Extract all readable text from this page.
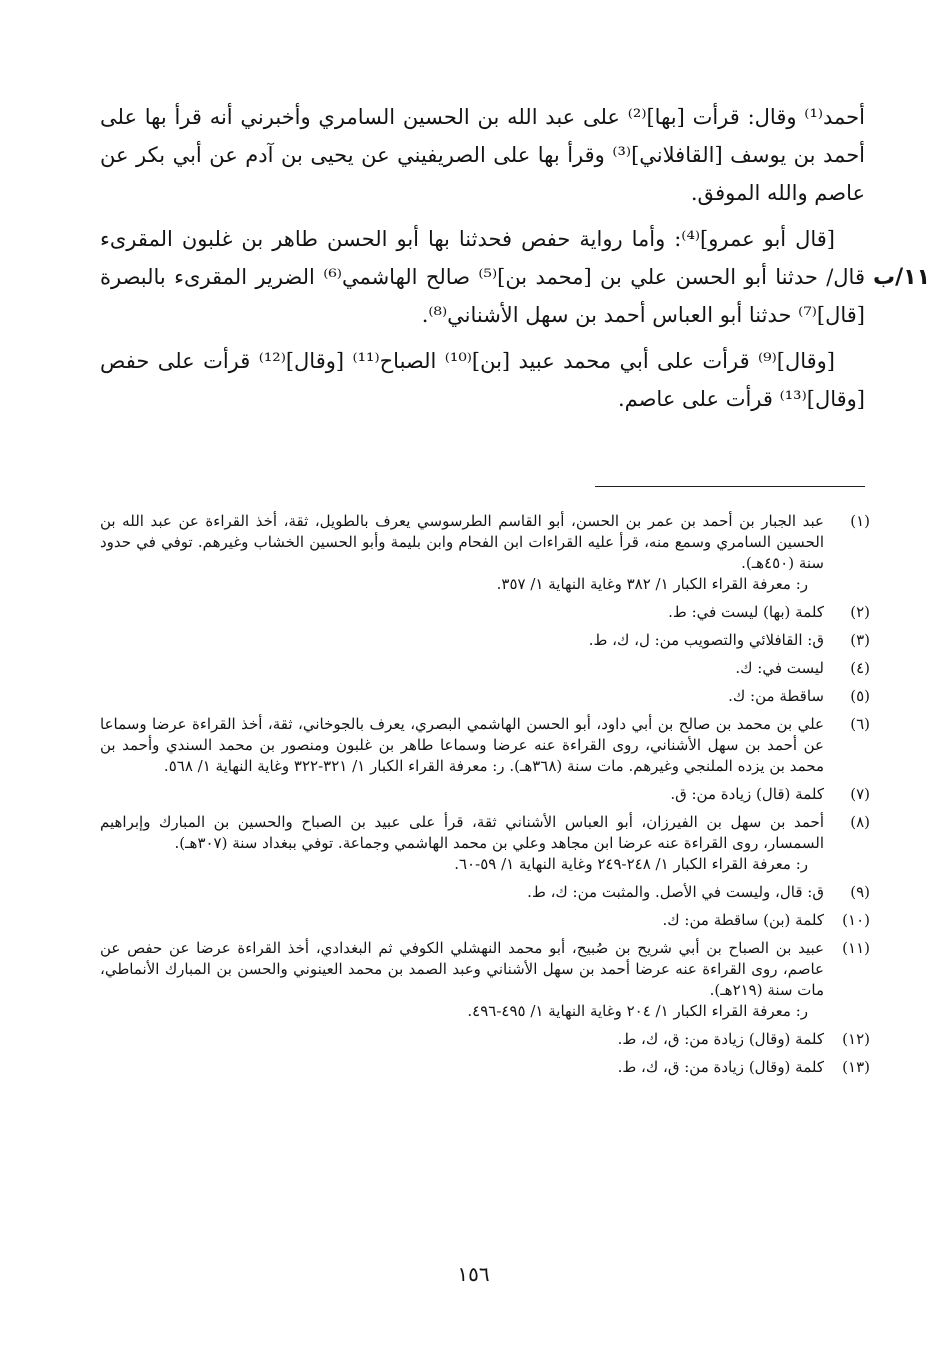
١١/ب

أحمد⁽¹⁾ وقال: قرأت [بها]⁽²⁾ على عبد الله بن الحسين السامري وأخبرني أنه قرأ بها على أحمد بن يوسف [القافلاني]⁽³⁾ وقرأ بها على الصريفيني عن يحيى بن آدم عن أبي بكر عن عاصم والله الموفق.

[قال أبو عمرو]⁽⁴⁾: وأما رواية حفص فحدثنا بها أبو الحسن طاهر بن غلبون المقرىء قال/ حدثنا أبو الحسن علي بن [محمد بن]⁽⁵⁾ صالح الهاشمي⁽⁶⁾ الضرير المقرىء بالبصرة [قال]⁽⁷⁾ حدثنا أبو العباس أحمد بن سهل الأشناني⁽⁸⁾.

[وقال]⁽⁹⁾ قرأت على أبي محمد عبيد [بن]⁽¹⁰⁾ الصباح⁽¹¹⁾ [وقال]⁽¹²⁾ قرأت على حفص [وقال]⁽¹³⁾ قرأت على عاصم.

(١)
عبد الجبار بن أحمد بن عمر بن الحسن، أبو القاسم الطرسوسي يعرف بالطويل، ثقة، أخذ القراءة عن عبد الله بن الحسين السامري وسمع منه، قرأ عليه القراءات ابن الفحام وابن بليمة وأبو الحسين الخشاب وغيرهم. توفي في حدود سنة (٤٥٠هـ).
ر: معرفة القراء الكبار ١/ ٣٨٢ وغاية النهاية ١/ ٣٥٧.
(٢)
كلمة (بها) ليست في: ط.
(٣)
ق: القافلائي والتصويب من: ل، ك، ط.
(٤)
ليست في: ك.
(٥)
ساقطة من: ك.
(٦)
علي بن محمد بن صالح بن أبي داود، أبو الحسن الهاشمي البصري، يعرف بالجوخاني، ثقة، أخذ القراءة عرضا وسماعا عن أحمد بن سهل الأشناني، روى القراءة عنه عرضا وسماعا طاهر بن غلبون ومنصور بن محمد السندي وأحمد بن محمد بن يزده الملنجي وغيرهم. مات سنة (٣٦٨هـ). ر: معرفة القراء الكبار ١/ ٣٢١-٣٢٢ وغاية النهاية ١/ ٥٦٨.
(٧)
كلمة (قال) زيادة من: ق.
(٨)
أحمد بن سهل بن الفيرزان، أبو العباس الأشناني ثقة، قرأ على عبيد بن الصباح والحسين بن المبارك وإبراهيم السمسار، روى القراءة عنه عرضا ابن مجاهد وعلي بن محمد الهاشمي وجماعة. توفي ببغداد سنة (٣٠٧هـ).
ر: معرفة القراء الكبار ١/ ٢٤٨-٢٤٩ وغاية النهاية ١/ ٥٩-٦٠.
(٩)
ق: قال، وليست في الأصل. والمثبت من: ك، ط.
(١٠)
كلمة (بن) ساقطة من: ك.
(١١)
عبيد بن الصباح بن أبي شريح بن صُبيح، أبو محمد النهشلي الكوفي ثم البغدادي، أخذ القراءة عرضا عن حفص عن عاصم، روى القراءة عنه عرضا أحمد بن سهل الأشناني وعبد الصمد بن محمد العينوني والحسن بن المبارك الأنماطي، مات سنة (٢١٩هـ).
ر: معرفة القراء الكبار ١/ ٢٠٤ وغاية النهاية ١/ ٤٩٥-٤٩٦.
(١٢)
كلمة (وقال) زيادة من: ق، ك، ط.
(١٣)
كلمة (وقال) زيادة من: ق، ك، ط.
١٥٦
